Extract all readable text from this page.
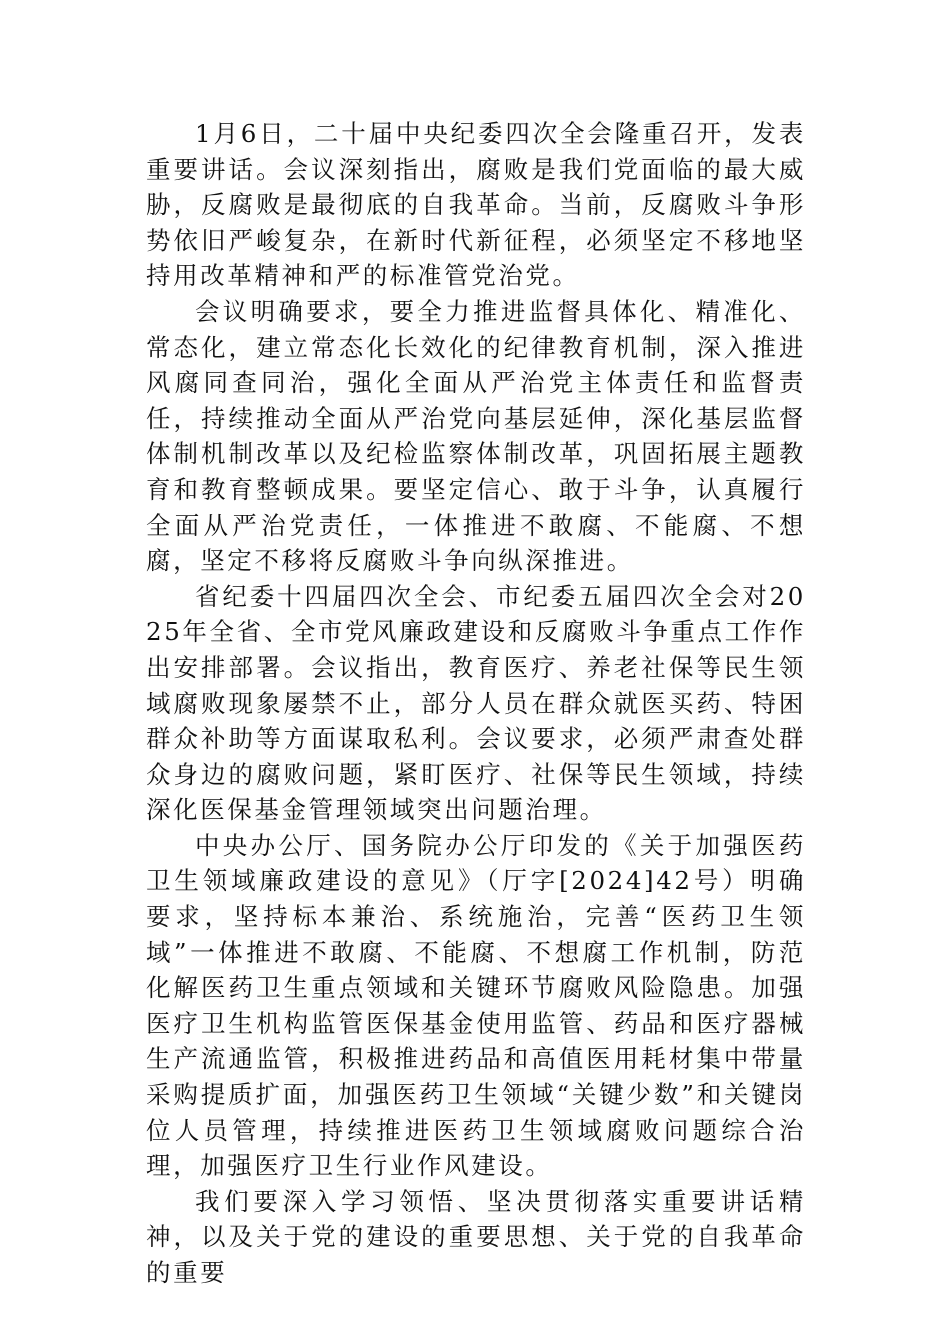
1月6日，二十届中央纪委四次全会隆重召开，发表重要讲话。会议深刻指出，腐败是我们党面临的最大威胁，反腐败是最彻底的自我革命。当前，反腐败斗争形势依旧严峻复杂，在新时代新征程，必须坚定不移地坚持用改革精神和严的标准管党治党。

会议明确要求，要全力推进监督具体化、精准化、常态化，建立常态化长效化的纪律教育机制，深入推进风腐同查同治，强化全面从严治党主体责任和监督责任，持续推动全面从严治党向基层延伸，深化基层监督体制机制改革以及纪检监察体制改革，巩固拓展主题教育和教育整顿成果。要坚定信心、敢于斗争，认真履行全面从严治党责任，一体推进不敢腐、不能腐、不想腐，坚定不移将反腐败斗争向纵深推进。

省纪委十四届四次全会、市纪委五届四次全会对2025年全省、全市党风廉政建设和反腐败斗争重点工作作出安排部署。会议指出，教育医疗、养老社保等民生领域腐败现象屡禁不止，部分人员在群众就医买药、特困群众补助等方面谋取私利。会议要求，必须严肃查处群众身边的腐败问题，紧盯医疗、社保等民生领域，持续深化医保基金管理领域突出问题治理。

中央办公厅、国务院办公厅印发的《关于加强医药卫生领域廉政建设的意见》（厅字[2024]42号）明确要求，坚持标本兼治、系统施治，完善“医药卫生领域”一体推进不敢腐、不能腐、不想腐工作机制，防范化解医药卫生重点领域和关键环节腐败风险隐患。加强医疗卫生机构监管医保基金使用监管、药品和医疗器械生产流通监管，积极推进药品和高值医用耗材集中带量采购提质扩面，加强医药卫生领域“关键少数”和关键岗位人员管理，持续推进医药卫生领域腐败问题综合治理，加强医疗卫生行业作风建设。

我们要深入学习领悟、坚决贯彻落实重要讲话精神，以及关于党的建设的重要思想、关于党的自我革命的重要
